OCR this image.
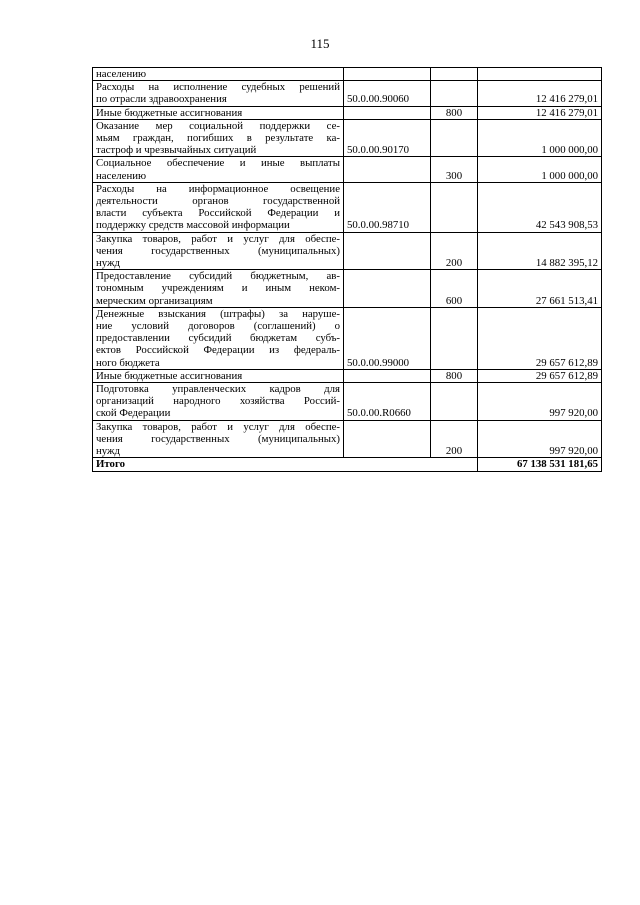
115
населению			

Расходы на исполнение судебных решений
по отрасли здравоохранения	50.0.00.90060		12 416 279,01

Иные бюджетные ассигнования		800	12 416 279,01

Оказание мер социальной поддержки се-
мьям граждан, погибших в результате ка-
тастроф и чрезвычайных ситуаций	50.0.00.90170		1 000 000,00

Социальное обеспечение и иные выплаты
населению		300	1 000 000,00

Расходы на информационное освещение
деятельности органов государственной
власти субъекта Российской Федерации и
поддержку средств массовой информации	50.0.00.98710		42 543 908,53

Закупка товаров, работ и услуг для обеспе-
чения государственных (муниципальных)
нужд		200	14 882 395,12

Предоставление субсидий бюджетным, ав-
тономным учреждениям и иным неком-
мерческим организациям		600	27 661 513,41

Денежные взыскания (штрафы) за наруше-
ние условий договоров (соглашений) о
предоставлении субсидий бюджетам субъ-
ектов Российской Федерации из федераль-
ного бюджета	50.0.00.99000		29 657 612,89

Иные бюджетные ассигнования		800	29 657 612,89

Подготовка управленческих кадров для
организаций народного хозяйства Россий-
ской Федерации	50.0.00.R0660		997 920,00

Закупка товаров, работ и услуг для обеспе-
чения государственных (муниципальных)
нужд		200	997 920,00
Итого			67 138 531 181,65
